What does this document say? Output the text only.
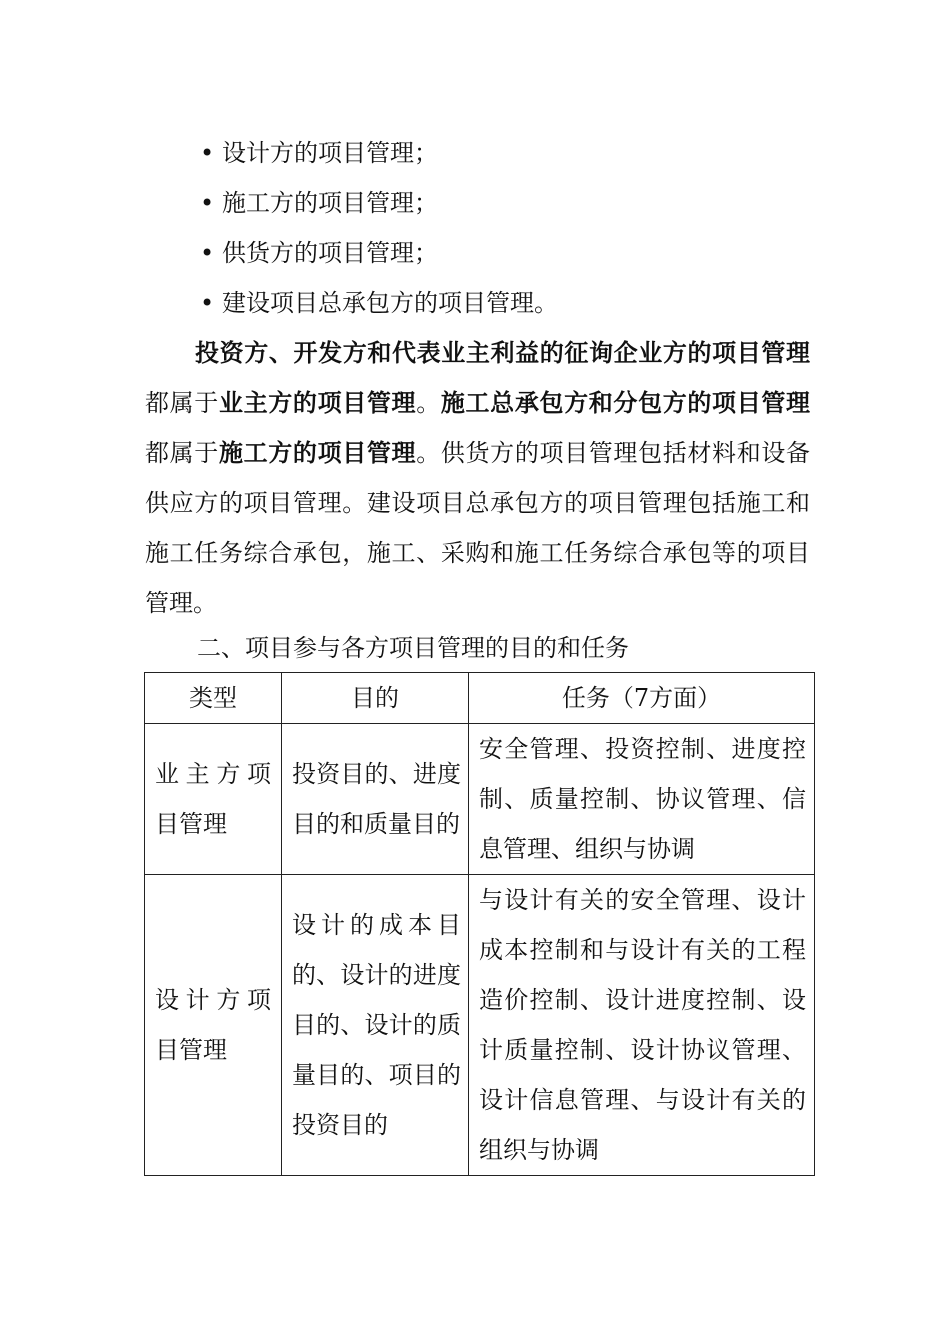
• 设计方的项目管理；
• 施工方的项目管理；
• 供货方的项目管理；
• 建设项目总承包方的项目管理。

投资方、开发方和代表业主利益的征询企业方的项目管理都属于业主方的项目管理。施工总承包方和分包方的项目管理都属于施工方的项目管理。供货方的项目管理包括材料和设备供应方的项目管理。建设项目总承包方的项目管理包括施工和施工任务综合承包，施工、采购和施工任务综合承包等的项目管理。

二、项目参与各方项目管理的目的和任务
类型	目的	任务（7方面）
业主方项目管理	投资目的、进度目的和质量目的	安全管理、投资控制、进度控制、质量控制、协议管理、信息管理、组织与协调
设计方项目管理	设计的成本目的、设计的进度目的、设计的质量目的、项目的投资目的	与设计有关的安全管理、设计成本控制和与设计有关的工程造价控制、设计进度控制、设计质量控制、设计协议管理、设计信息管理、与设计有关的组织与协调
